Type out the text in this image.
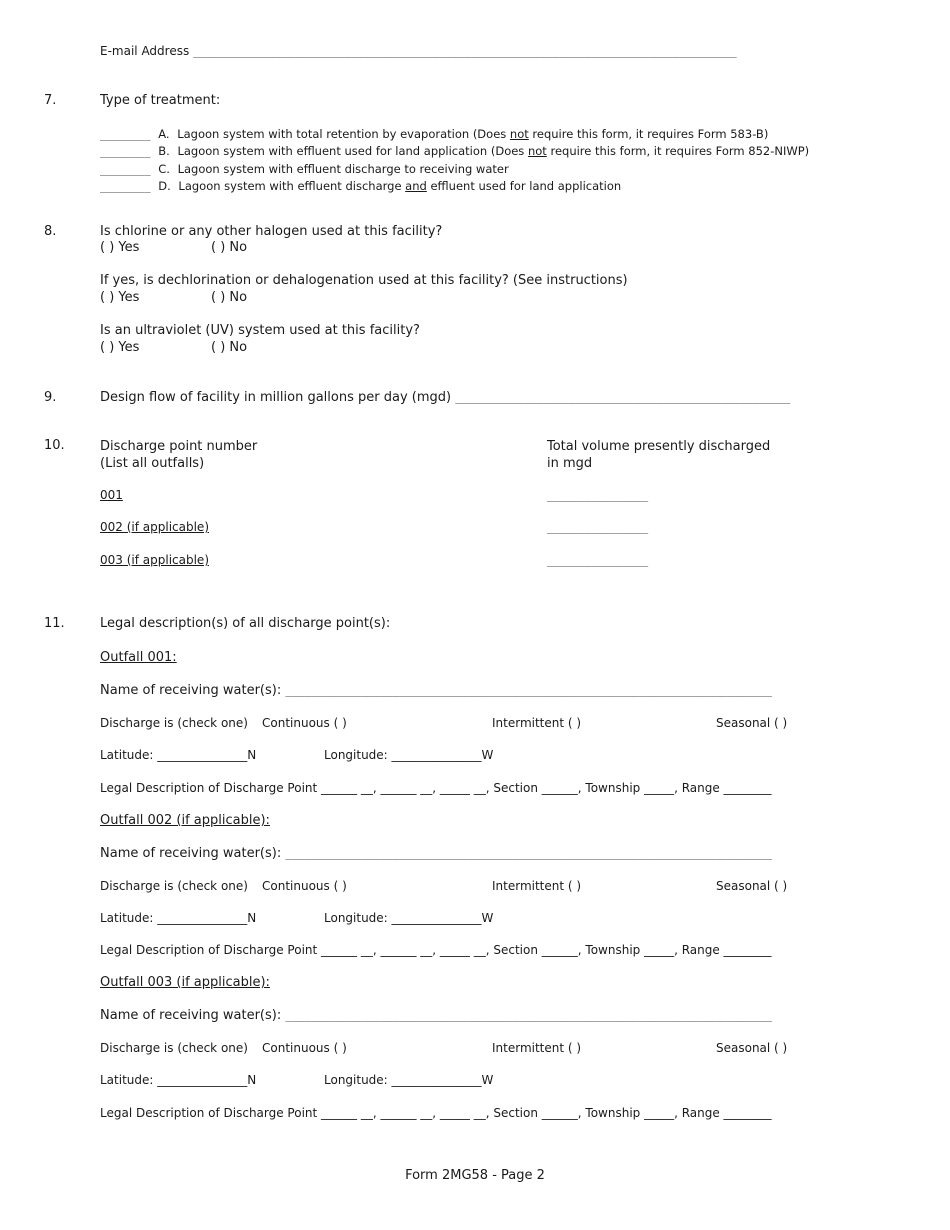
E-mail Address ______________________________________________________________________________________
7.	Type of treatment:
________ A. Lagoon system with total retention by evaporation (Does not require this form, it requires Form 583-B)
________ B. Lagoon system with effluent used for land application (Does not require this form, it requires Form 852-NIWP)
________ C. Lagoon system with effluent discharge to receiving water
________ D. Lagoon system with effluent discharge and effluent used for land application
8.	Is chlorine or any other halogen used at this facility?
( ) Yes	( ) No
If yes, is dechlorination or dehalogenation used at this facility? (See instructions)
( ) Yes	( ) No
Is an ultraviolet (UV) system used at this facility?
( ) Yes	( ) No
9.	Design flow of facility in million gallons per day (mgd) _____________________________________________________
10.	Discharge point number
(List all outfalls)
Total volume presently discharged
in mgd
001	________________
002 (if applicable)	________________
003 (if applicable)	________________
11.	Legal description(s) of all discharge point(s):
Outfall 001:
Name of receiving water(s): _____________________________________________________________________________
Discharge is (check one) Continuous ( )	Intermittent ( )	Seasonal ( )
Latitude: _______________N	Longitude: _______________W
Legal Description of Discharge Point ______ __, ______ __, _____ __, Section ______, Township _____, Range ________
Outfall 002 (if applicable):
Name of receiving water(s): _____________________________________________________________________________
Discharge is (check one) Continuous ( )	Intermittent ( )	Seasonal ( )
Latitude: _______________N	Longitude: _______________W
Legal Description of Discharge Point ______ __, ______ __, _____ __, Section ______, Township _____, Range ________
Outfall 003 (if applicable):
Name of receiving water(s): _____________________________________________________________________________
Discharge is (check one) Continuous ( )	Intermittent ( )	Seasonal ( )
Latitude: _______________N	Longitude: _______________W
Legal Description of Discharge Point ______ __, ______ __, _____ __, Section ______, Township _____, Range ________
Form 2MG58 - Page 2
